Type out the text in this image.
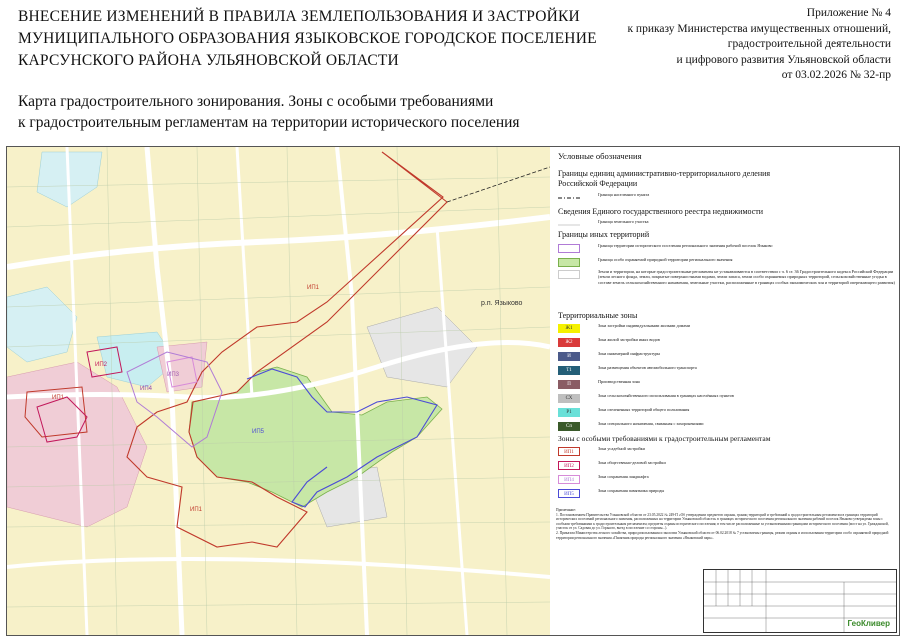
ВНЕСЕНИЕ ИЗМЕНЕНИЙ В ПРАВИЛА ЗЕМЛЕПОЛЬЗОВАНИЯ И ЗАСТРОЙКИ
МУНИЦИПАЛЬНОГО ОБРАЗОВАНИЯ ЯЗЫКОВСКОЕ ГОРОДСКОЕ ПОСЕЛЕНИЕ
КАРСУНСКОГО РАЙОНА УЛЬЯНОВСКОЙ ОБЛАСТИ
Приложение № 4
к приказу Министерства имущественных отношений,
градостроительной деятельности
и цифрового развития Ульяновской области
от 03.02.2026 № 32-пр
Карта градостроительного зонирования. Зоны с особыми требованиями
к градостроительным регламентам на территории исторического поселения
р.п. Языково
ИП1
ИП1
ИП1
ИП2
ИП3
ИП4
ИП5
Условные обозначения
Границы единиц административно-территориального деления Российской Федерации
Граница населенного пункта
Сведения Единого государственного реестра недвижимости
Граница земельного участка
Границы иных территорий
Граница территории исторического поселения регионального значения рабочий поселок Языково
Граница особо охраняемой природной территории регионального значения
Земли и территории, на которые градостроительные регламенты не устанавливаются в соответствии с ч. 6 ст. 36 Градостроительного кодекса Российской Федерации (земли лесного фонда, земли, покрытые поверхностными водами, земли запаса, земли особо охраняемых природных территорий, сельскохозяйственные угодья в составе земель сельскохозяйственного назначения, земельные участки, расположенные в границах особых экономических зон и территорий опережающего развития)
Территориальные зоны
Ж1
Зона застройки индивидуальными жилыми домами
Ж2
Зона жилой застройки иных видов
И
Зона инженерной инфраструктуры
Т1
Зона размещения объектов автомобильного транспорта
П
Производственная зона
СХ
Зона сельскохозяйственного использования в границах населённых пунктов
Р1
Зона озелененных территорий общего пользования
Сп
Зона специального назначения, связанная с захоронениями
Зоны с особыми требованиями к градостроительным регламентам
ИП1
Зона усадебной застройки
ИП2
Зона общественно-деловой застройки
ИП4
Зона сохранения ландшафта
ИП5
Зона сохранения памятника природы
Примечание:
1. Постановлением Правительства Ульяновской области от 23.05.2022 № 249-П «Об утверждении предметов охраны, границ территорий и требований к градостроительным регламентам в границах территорий исторических поселений регионального значения, расположенных на территории Ульяновской области» в границах исторического поселения регионального значения рабочий поселок Языково утверждены зоны с особыми требованиями к градостроительным регламентам; предметы охраны исторического поселения; в том числе расположенные за установленными границами исторического поселения (мост на ул. Гражданской, участок от ул. Садовая до ул. Горького, въезд в поселение со стороны...).
2. Приказом Министерства лесного хозяйства, природопользования и экологии Ульяновской области от 06.02.2018 № 7 установлены границы, режим охраны и использования территории особо охраняемой природной территории регионального значения «Памятник природы регионального значения «Языковский парк».
ГеоКливер
